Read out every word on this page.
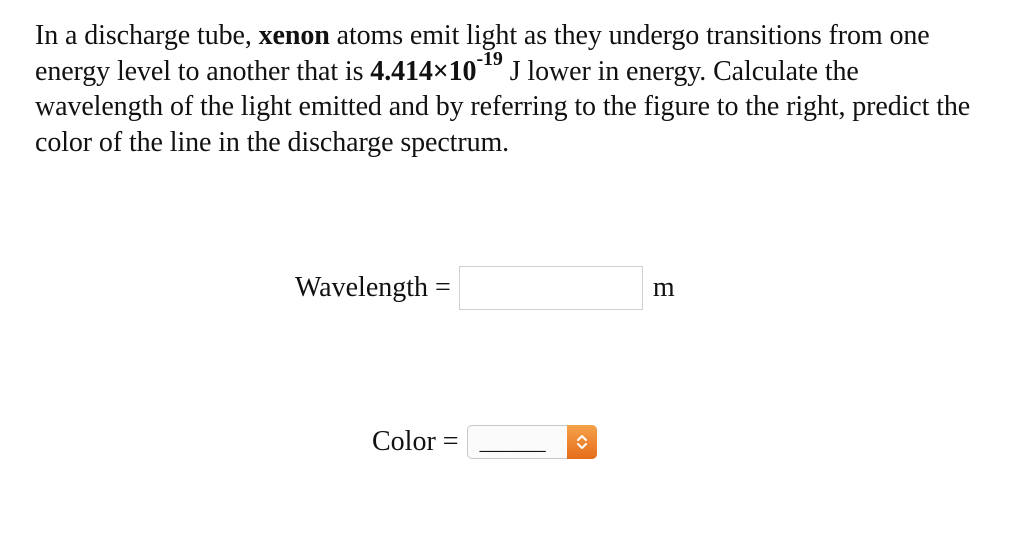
In a discharge tube, xenon atoms emit light as they undergo transitions from one energy level to another that is $4.414\times 10^{-19}$ J lower in energy. Calculate the wavelength of the light emitted and by referring to the figure to the right, predict the color of the line in the discharge spectrum.
Wavelength =	m
Color = ______
